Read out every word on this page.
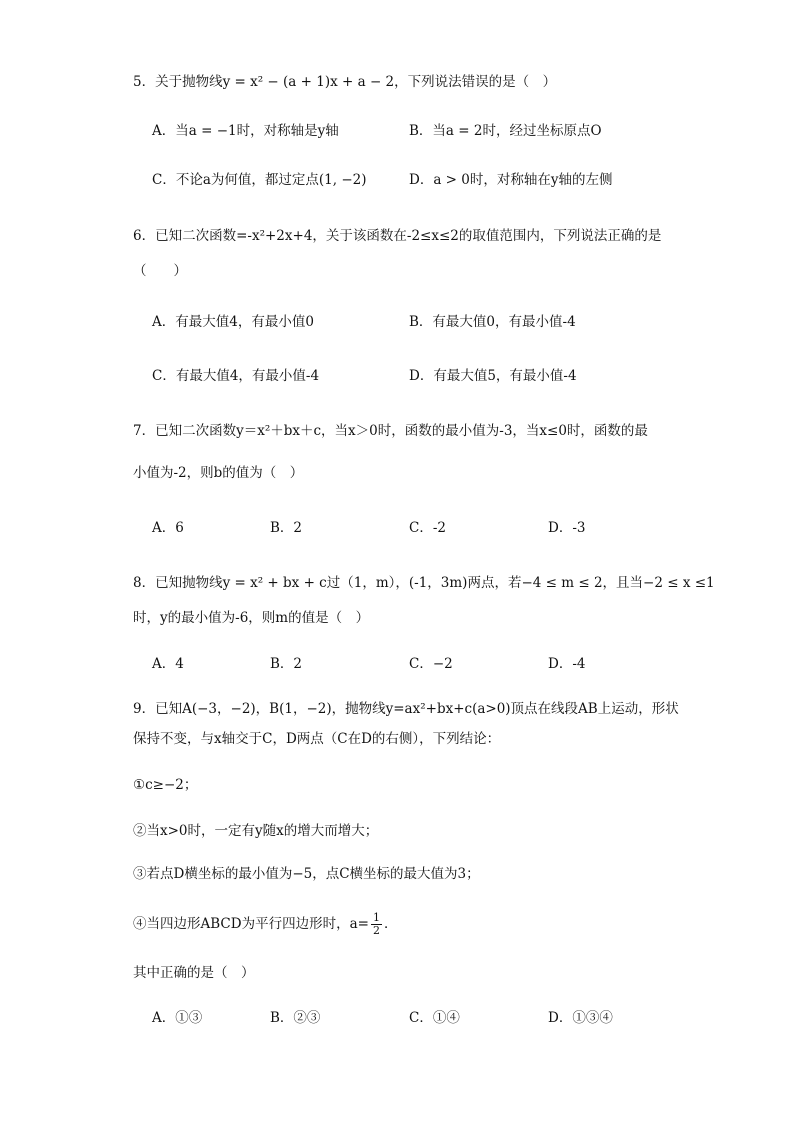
5．关于抛物线y = x² − (a + 1)x + a − 2，下列说法错误的是（　）
A．当a = −1时，对称轴是y轴	B．当a = 2时，经过坐标原点O
C．不论a为何值，都过定点(1, −2)	D．a > 0时，对称轴在y轴的左侧
6．已知二次函数=-x²+2x+4，关于该函数在-2≤x≤2的取值范围内，下列说法正确的是
（　　）
A．有最大值4，有最小值0	B．有最大值0，有最小值-4
C．有最大值4，有最小值-4	D．有最大值5，有最小值-4
7．已知二次函数y＝x²＋bx＋c，当x＞0时，函数的最小值为-3，当x≤0时，函数的最
小值为-2，则b的值为（　）
A．6	B．2	C．-2	D．-3
8．已知抛物线y = x² + bx + c过（1，m），(-1，3m)两点，若−4 ≤ m ≤ 2，且当−2 ≤ x ≤1
时，y的最小值为-6，则m的值是（　）
A．4	B．2	C．−2	D．-4
9．已知A(−3，−2)，B(1，−2)，抛物线y=ax²+bx+c(a>0)顶点在线段AB上运动，形状
保持不变，与x轴交于C，D两点（C在D的右侧），下列结论：
①c≥−2；
②当x>0时，一定有y随x的增大而增大；
③若点D横坐标的最小值为−5，点C横坐标的最大值为3；
④当四边形ABCD为平行四边形时，$a= \frac{1}{2}$ ．
其中正确的是（　）
A．①③	B．②③	C．①④	D．①③④
